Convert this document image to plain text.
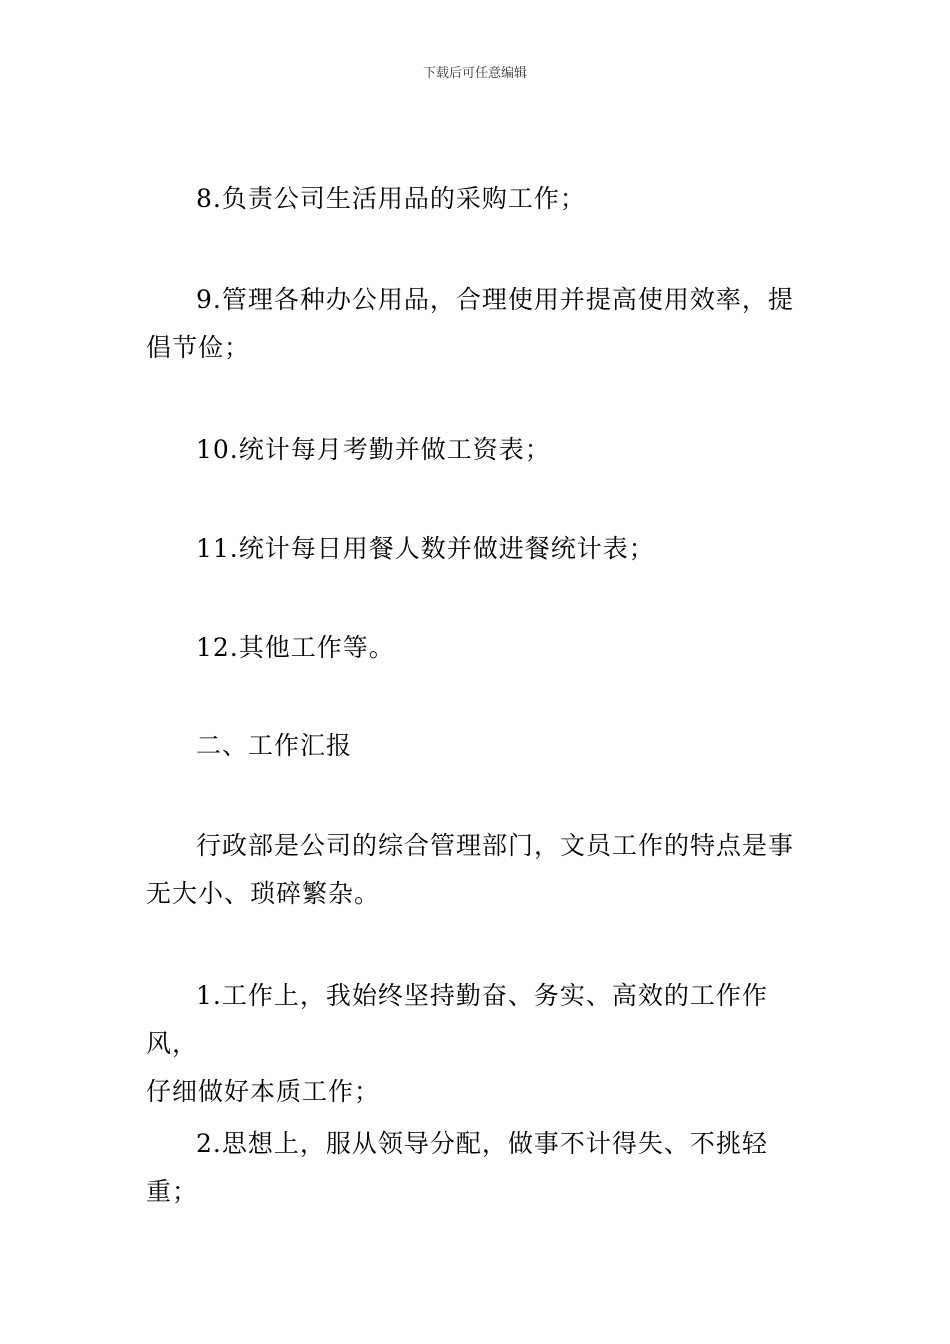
下载后可任意编辑
8.负责公司生活用品的采购工作；
9.管理各种办公用品，合理使用并提高使用效率，提
倡节俭；
10.统计每月考勤并做工资表；
11.统计每日用餐人数并做进餐统计表；
12.其他工作等。
二、工作汇报
行政部是公司的综合管理部门，文员工作的特点是事
无大小、琐碎繁杂。
1.工作上，我始终坚持勤奋、务实、高效的工作作风，
仔细做好本质工作；
2.思想上，服从领导分配，做事不计得失、不挑轻重；
